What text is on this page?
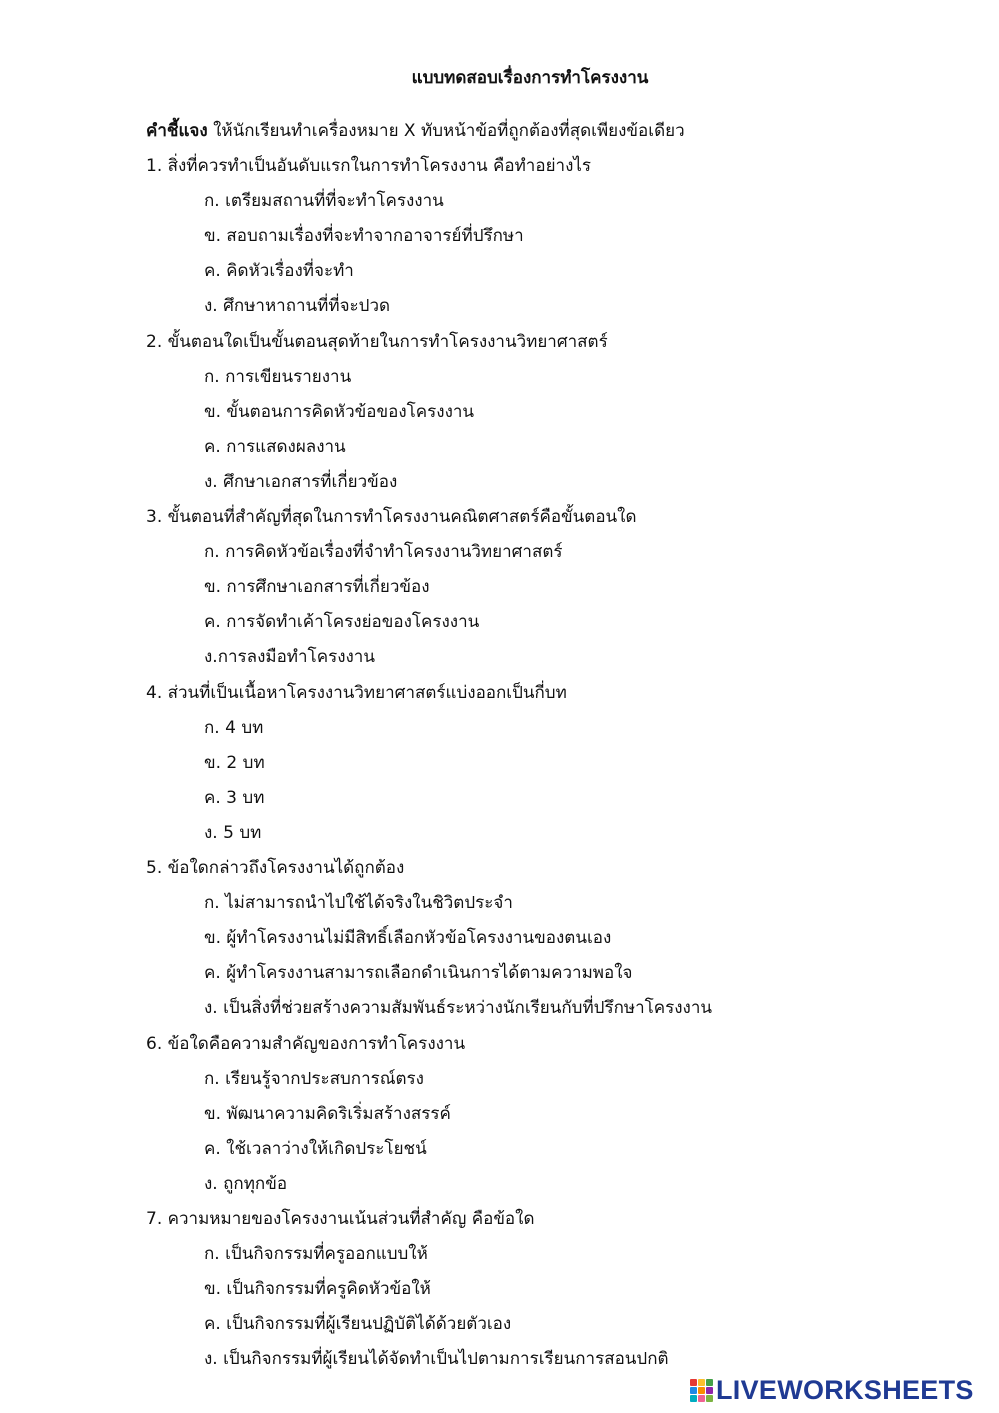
แบบทดสอบเรื่องการทำโครงงาน
คำชี้แจง ให้นักเรียนทำเครื่องหมาย X ทับหน้าข้อที่ถูกต้องที่สุดเพียงข้อเดียว
1. สิ่งที่ควรทำเป็นอันดับแรกในการทำโครงงาน คือทำอย่างไร
ก. เตรียมสถานที่ที่จะทำโครงงาน
ข. สอบถามเรื่องที่จะทำจากอาจารย์ที่ปรึกษา
ค. คิดหัวเรื่องที่จะทำ
ง. ศึกษาหาถานที่ที่จะปวด
2. ขั้นตอนใดเป็นขั้นตอนสุดท้ายในการทำโครงงานวิทยาศาสตร์
ก. การเขียนรายงาน
ข. ขั้นตอนการคิดหัวข้อของโครงงาน
ค. การแสดงผลงาน
ง. ศึกษาเอกสารที่เกี่ยวข้อง
3. ขั้นตอนที่สำคัญที่สุดในการทำโครงงานคณิตศาสตร์คือขั้นตอนใด
ก. การคิดหัวข้อเรื่องที่จำทำโครงงานวิทยาศาสตร์
ข. การศึกษาเอกสารที่เกี่ยวข้อง
ค. การจัดทำเค้าโครงย่อของโครงงาน
ง.การลงมือทำโครงงาน
4. ส่วนที่เป็นเนื้อหาโครงงานวิทยาศาสตร์แบ่งออกเป็นกี่บท
ก. 4 บท
ข. 2 บท
ค. 3 บท
ง. 5 บท
5. ข้อใดกล่าวถึงโครงงานได้ถูกต้อง
ก. ไม่สามารถนำไปใช้ได้จริงในชิวิตประจำ
ข. ผู้ทำโครงงานไม่มีสิทธิ์เลือกหัวข้อโครงงานของตนเอง
ค. ผู้ทำโครงงานสามารถเลือกดำเนินการได้ตามความพอใจ
ง. เป็นสิ่งที่ช่วยสร้างความสัมพันธ์ระหว่างนักเรียนกับที่ปรึกษาโครงงาน
6. ข้อใดคือความสำคัญของการทำโครงงาน
ก. เรียนรู้จากประสบการณ์ตรง
ข. พัฒนาความคิดริเริ่มสร้างสรรค์
ค. ใช้เวลาว่างให้เกิดประโยชน์
ง. ถูกทุกข้อ
7. ความหมายของโครงงานเน้นส่วนที่สำคัญ คือข้อใด
ก. เป็นกิจกรรมที่ครูออกแบบให้
ข. เป็นกิจกรรมที่ครูคิดหัวข้อให้
ค. เป็นกิจกรรมที่ผู้เรียนปฏิบัติได้ด้วยตัวเอง
ง. เป็นกิจกรรมที่ผู้เรียนได้จัดทำเป็นไปตามการเรียนการสอนปกติ
LIVEWORKSHEETS
